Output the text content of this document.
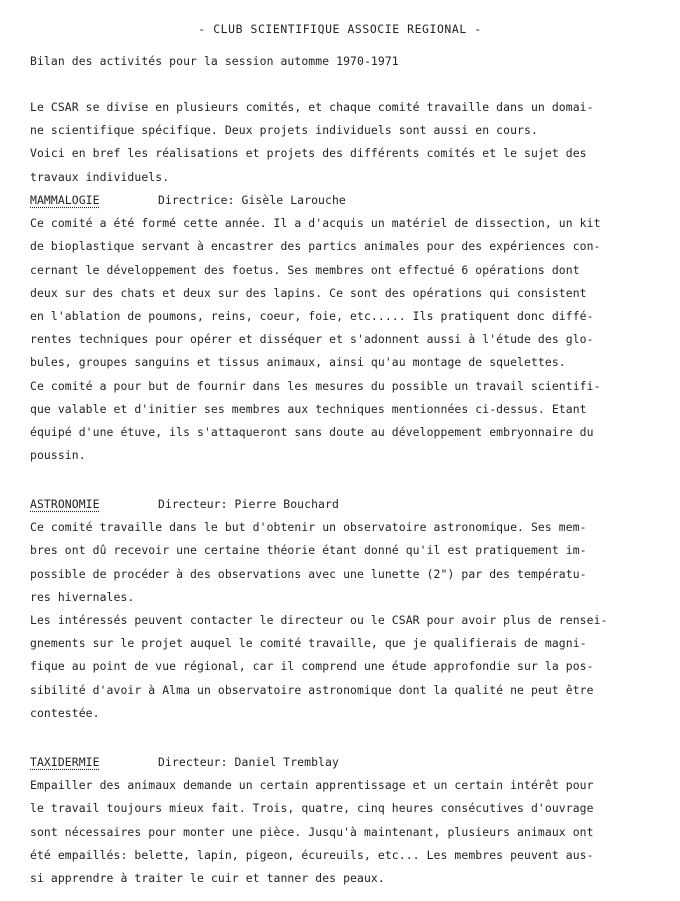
- CLUB SCIENTIFIQUE ASSOCIE REGIONAL -
Bilan des activités pour la session automme 1970-1971
Le CSAR se divise en plusieurs comités, et chaque comité travaille dans un domai-
ne scientifique spécifique. Deux projets individuels sont aussi en cours.
Voici en bref les réalisations et projets des différents comités et le sujet des
travaux individuels.
MAMMALOGIE	Directrice: Gisèle Larouche
Ce comité a été formé cette année. Il a d'acquis un matériel de dissection, un kit
de bioplastique servant à encastrer des partics animales pour des expériences con-
cernant le développement des foetus. Ses membres ont effectué 6 opérations dont
deux sur des chats et deux sur des lapins. Ce sont des opérations qui consistent
en l'ablation de poumons, reins, coeur, foie, etc..... Ils pratiquent donc diffé-
rentes techniques pour opérer et disséquer et s'adonnent aussi à l'étude des glo-
bules, groupes sanguins et tissus animaux, ainsi qu'au montage de squelettes.
Ce comité a pour but de fournir dans les mesures du possible un travail scientifi-
que valable et d'initier ses membres aux techniques mentionnées ci-dessus. Etant
équipé d'une étuve, ils s'attaqueront sans doute au développement embryonnaire du
poussin.
ASTRONOMIE	Directeur: Pierre Bouchard
Ce comité travaille dans le but d'obtenir un observatoire astronomique. Ses mem-
bres ont dû recevoir une certaine théorie étant donné qu'il est pratiquement im-
possible de procéder à des observations avec une lunette (2") par des températu-
res hivernales.
Les intéressés peuvent contacter le directeur ou le CSAR pour avoir plus de rensei-
gnements sur le projet auquel le comité travaille, que je qualifierais de magni-
fique au point de vue régional, car il comprend une étude approfondie sur la pos-
sibilité d'avoir à Alma un observatoire astronomique dont la qualité ne peut être
contestée.
TAXIDERMIE	Directeur: Daniel Tremblay
Empailler des animaux demande un certain apprentissage et un certain intérêt pour
le travail toujours mieux fait. Trois, quatre, cinq heures consécutives d'ouvrage
sont nécessaires pour monter une pièce. Jusqu'à maintenant, plusieurs animaux ont
été empaillés: belette, lapin, pigeon, écureuils, etc... Les membres peuvent aus-
si apprendre à traiter le cuir et tanner des peaux.
